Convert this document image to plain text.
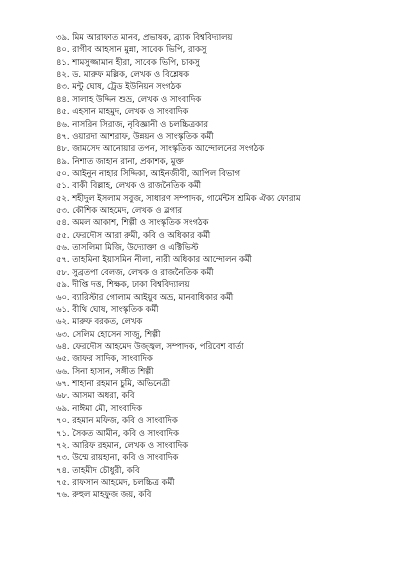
৩৯. মিম আরাফাত মানব, প্রভাষক, ব্র্যাক বিশ্ববিদ্যালয়
৪০. রাগীব আহসান মুন্না, সাবেক ভিপি, রাকসু
৪১. শামসুজ্জামান হীরা, সাবেক ভিপি, চাকসু
৪২. ড. মারুফ মল্লিক, লেখক ও বিশ্লেষক
৪৩. মন্টু ঘোষ, ট্রেড ইউনিয়ন সংগঠক
৪৪. সালাহ উদ্দিন শুভ্র, লেখক ও সাংবাদিক
৪৫. এহসান মাহমুদ, লেখক ও সাংবাদিক
৪৬. নাসরিন সিরাজ, নৃবিজ্ঞানী ও চলচ্চিত্রকার
৪৭. ওয়ারদা আশরাফ, উন্নয়ন ও সাংস্কৃতিক কর্মী
৪৮. জামসেদ আনোয়ার তপন, সাংস্কৃতিক আন্দোলনের সংগঠক
৪৯. নিশাত জাহান রানা, প্রকাশক, মুক্ত
৫০. আইনুন নাহার সিদ্দিকা, আইনজীবী, আপিল বিভাগ
৫১. বাকী বিল্লাহ, লেখক ও রাজনৈতিক কর্মী
৫২. শহীদুল ইসলাম সবুজ, সাধারণ সম্পাদক, গার্মেন্টস শ্রমিক ঐক্য ফোরাম
৫৩. কৌশিক আহমেদ, লেখক ও ব্লগার
৫৪. অমল আকাশ, শিল্পী ও সাংস্কৃতিক সংগঠক
৫৫. ফেরদৌস আরা রুমী, কবি ও অধিকার কর্মী
৫৬. তাসলিমা মিজি, উদ্যোক্তা ও এক্টিভিস্ট
৫৭. তাহমিনা ইয়াসমিন নীলা, নারী অধিকার আন্দোলন কর্মী
৫৮. সুব্রতপা বেলজ, লেখক ও রাজনৈতিক কর্মী
৫৯. দীপ্তি দত্ত, শিক্ষক, ঢাকা বিশ্ববিদ্যালয়
৬০. ব্যারিস্টার গোলাম আইয়ুব অভ্র, মানবাধিকার কর্মী
৬১. বীথি ঘোষ, সাংস্কৃতিক কর্মী
৬২. মারুফ বরকত, লেখক
৬৩. সেলিম হোসেন সাজু, শিল্পী
৬৪. ফেরদৌস আহমেদ উজ্জ্বল, সম্পাদক, পরিবেশ বার্তা
৬৫. জাফর সাদিক, সাংবাদিক
৬৬. সিনা হাসান, সঙ্গীত শিল্পী
৬৭. শাহানা রহমান চুমি, অভিনেত্রী
৬৮. আসমা অধরা, কবি
৬৯. নাঈমা মৌ, সাংবাদিক
৭০. রহমান মফিজ, কবি ও সাংবাদিক
৭১. সৈকত আমীন, কবি ও সাংবাদিক
৭২. আরিফ রহমান, লেখক ও সাংবাদিক
৭৩. উম্মে রায়হানা, কবি ও সাংবাদিক
৭৪. তাহমীদ চৌধুরী, কবি
৭৫. রাফসান আহমেদ, চলচ্চিত্র কর্মী
৭৬. রুহুল মাহফুজ জয়, কবি
